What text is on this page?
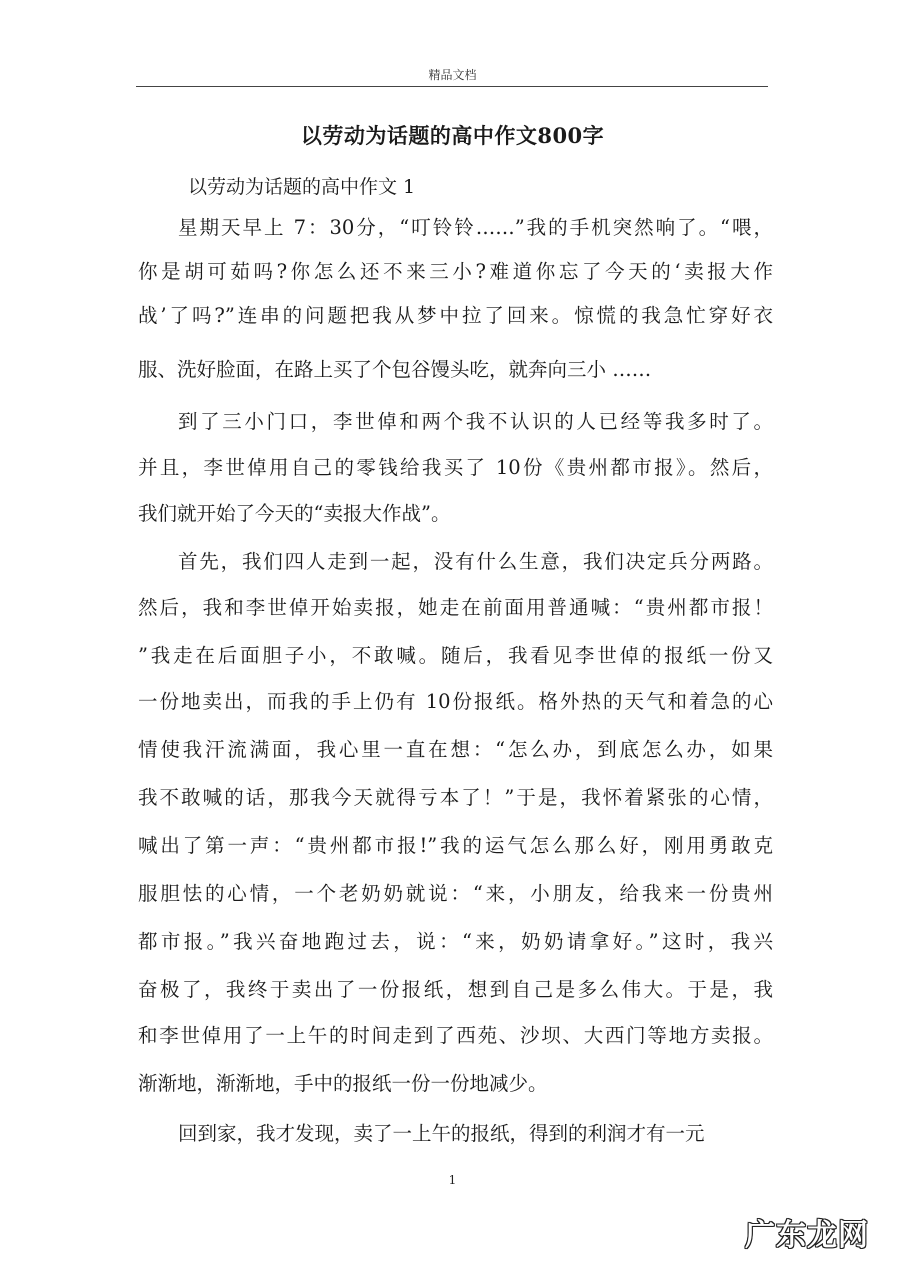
精品文档
以劳动为话题的高中作文800字
以劳动为话题的高中作文 1
星期天早上 7：30分，“叮铃铃……”我的手机突然响了。“喂，
你是胡可茹吗?你怎么还不来三小?难道你忘了今天的‘卖报大作
战’了吗?”连串的问题把我从梦中拉了回来。惊慌的我急忙穿好衣
服、洗好脸面，在路上买了个包谷馒头吃，就奔向三小 ……
到了三小门口，李世倬和两个我不认识的人已经等我多时了。
并且，李世倬用自己的零钱给我买了 10份《贵州都市报》。然后，
我们就开始了今天的“卖报大作战”。
首先，我们四人走到一起，没有什么生意，我们决定兵分两路。
然后，我和李世倬开始卖报，她走在前面用普通喊：“贵州都市报！
”我走在后面胆子小，不敢喊。随后，我看见李世倬的报纸一份又
一份地卖出，而我的手上仍有 10份报纸。格外热的天气和着急的心
情使我汗流满面，我心里一直在想：“怎么办，到底怎么办，如果
我不敢喊的话，那我今天就得亏本了！”于是，我怀着紧张的心情，
喊出了第一声：“贵州都市报!”我的运气怎么那么好，刚用勇敢克
服胆怯的心情，一个老奶奶就说：“来，小朋友，给我来一份贵州
都市报。”我兴奋地跑过去，说：“来，奶奶请拿好。”这时，我兴
奋极了，我终于卖出了一份报纸，想到自己是多么伟大。于是，我
和李世倬用了一上午的时间走到了西苑、沙坝、大西门等地方卖报。
渐渐地，渐渐地，手中的报纸一份一份地减少。
回到家，我才发现，卖了一上午的报纸，得到的利润才有一元
1
广东龙网
